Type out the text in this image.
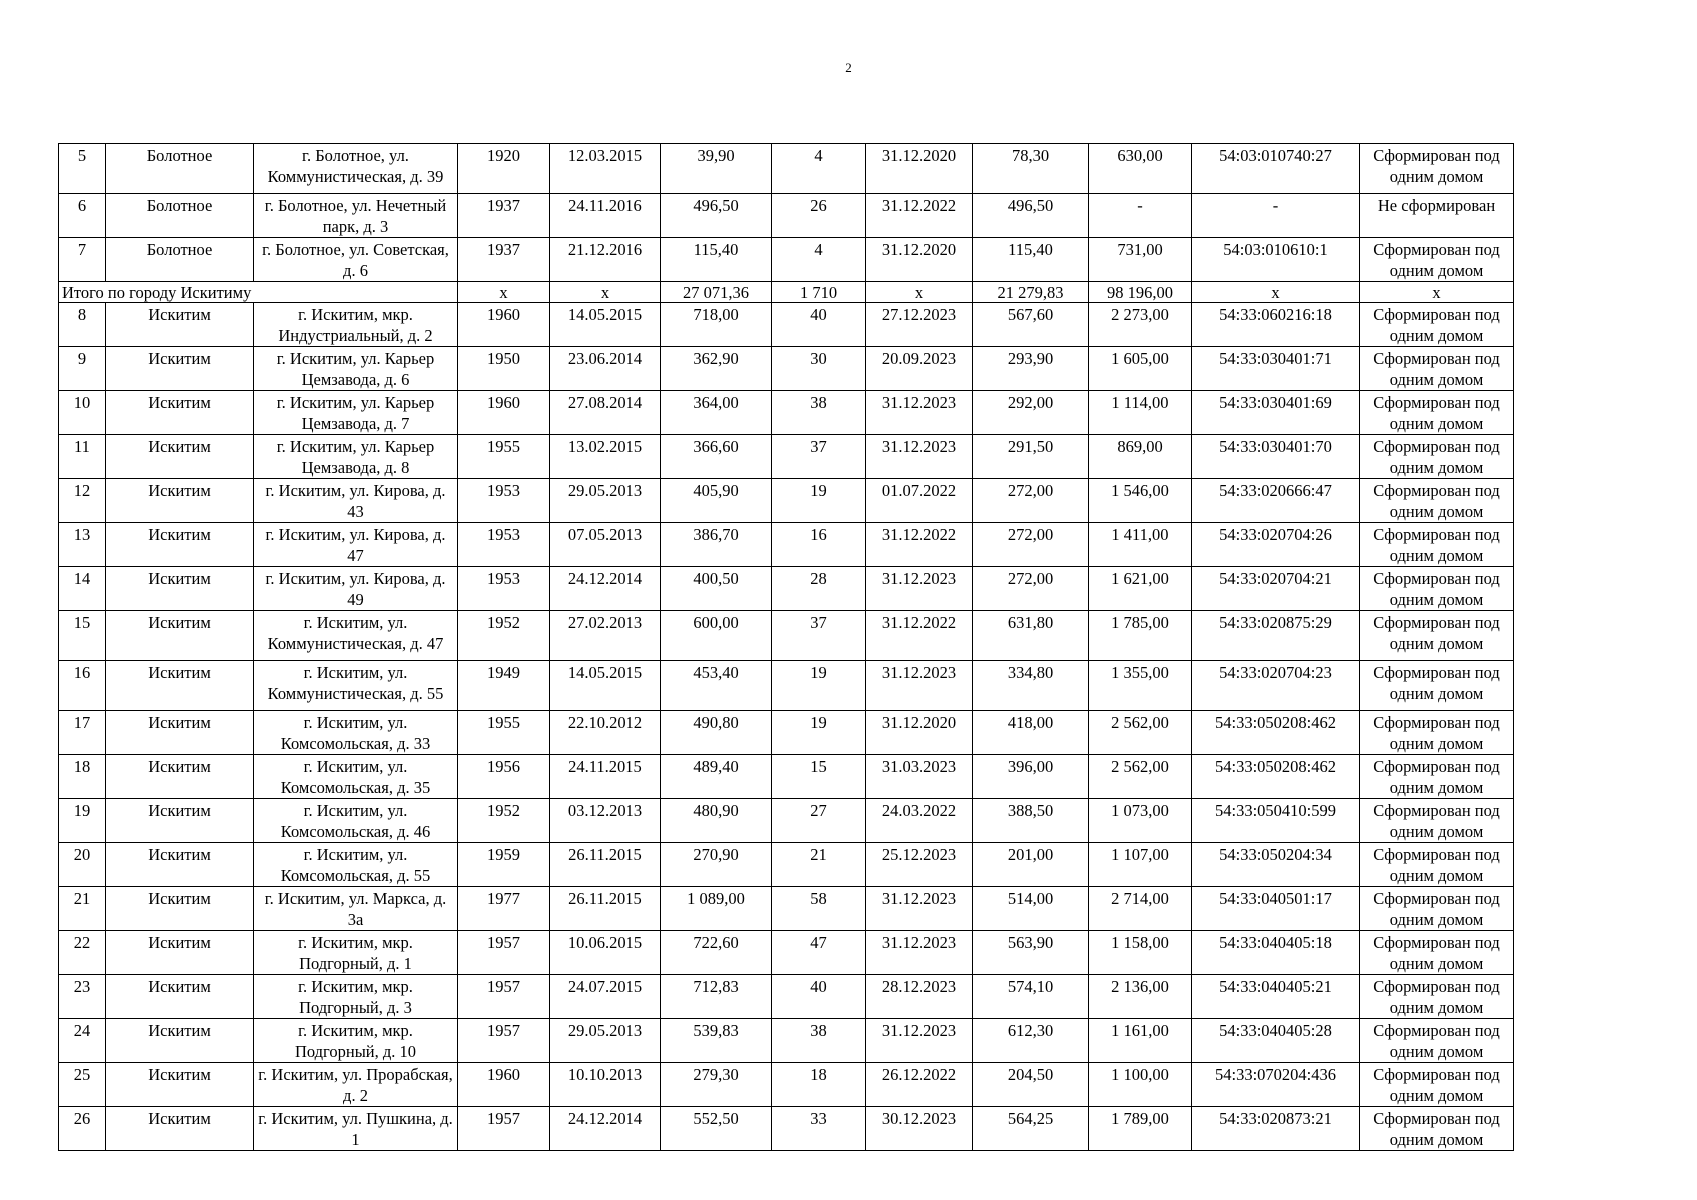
2
5	Болотное	г. Болотное, ул. Коммунистическая, д. 39	1920	12.03.2015	39,90	4	31.12.2020	78,30	630,00	54:03:010740:27	Сформирован под одним домом
6	Болотное	г. Болотное, ул. Нечетный парк, д. 3	1937	24.11.2016	496,50	26	31.12.2022	496,50	-	-	Не сформирован
7	Болотное	г. Болотное, ул. Советская, д. 6	1937	21.12.2016	115,40	4	31.12.2020	115,40	731,00	54:03:010610:1	Сформирован под одним домом
Итого по городу Искитиму			x	x	27 071,36	1 710	x	21 279,83	98 196,00	x	x
8	Искитим	г. Искитим, мкр. Индустриальный, д. 2	1960	14.05.2015	718,00	40	27.12.2023	567,60	2 273,00	54:33:060216:18	Сформирован под одним домом
9	Искитим	г. Искитим, ул. Карьер Цемзавода, д. 6	1950	23.06.2014	362,90	30	20.09.2023	293,90	1 605,00	54:33:030401:71	Сформирован под одним домом
10	Искитим	г. Искитим, ул. Карьер Цемзавода, д. 7	1960	27.08.2014	364,00	38	31.12.2023	292,00	1 114,00	54:33:030401:69	Сформирован под одним домом
11	Искитим	г. Искитим, ул. Карьер Цемзавода, д. 8	1955	13.02.2015	366,60	37	31.12.2023	291,50	869,00	54:33:030401:70	Сформирован под одним домом
12	Искитим	г. Искитим, ул. Кирова, д. 43	1953	29.05.2013	405,90	19	01.07.2022	272,00	1 546,00	54:33:020666:47	Сформирован под одним домом
13	Искитим	г. Искитим, ул. Кирова, д. 47	1953	07.05.2013	386,70	16	31.12.2022	272,00	1 411,00	54:33:020704:26	Сформирован под одним домом
14	Искитим	г. Искитим, ул. Кирова, д. 49	1953	24.12.2014	400,50	28	31.12.2023	272,00	1 621,00	54:33:020704:21	Сформирован под одним домом
15	Искитим	г. Искитим, ул. Коммунистическая, д. 47	1952	27.02.2013	600,00	37	31.12.2022	631,80	1 785,00	54:33:020875:29	Сформирован под одним домом
16	Искитим	г. Искитим, ул. Коммунистическая, д. 55	1949	14.05.2015	453,40	19	31.12.2023	334,80	1 355,00	54:33:020704:23	Сформирован под одним домом
17	Искитим	г. Искитим, ул. Комсомольская, д. 33	1955	22.10.2012	490,80	19	31.12.2020	418,00	2 562,00	54:33:050208:462	Сформирован под одним домом
18	Искитим	г. Искитим, ул. Комсомольская, д. 35	1956	24.11.2015	489,40	15	31.03.2023	396,00	2 562,00	54:33:050208:462	Сформирован под одним домом
19	Искитим	г. Искитим, ул. Комсомольская, д. 46	1952	03.12.2013	480,90	27	24.03.2022	388,50	1 073,00	54:33:050410:599	Сформирован под одним домом
20	Искитим	г. Искитим, ул. Комсомольская, д. 55	1959	26.11.2015	270,90	21	25.12.2023	201,00	1 107,00	54:33:050204:34	Сформирован под одним домом
21	Искитим	г. Искитим, ул. Маркса, д. 3а	1977	26.11.2015	1 089,00	58	31.12.2023	514,00	2 714,00	54:33:040501:17	Сформирован под одним домом
22	Искитим	г. Искитим, мкр. Подгорный, д. 1	1957	10.06.2015	722,60	47	31.12.2023	563,90	1 158,00	54:33:040405:18	Сформирован под одним домом
23	Искитим	г. Искитим, мкр. Подгорный, д. 3	1957	24.07.2015	712,83	40	28.12.2023	574,10	2 136,00	54:33:040405:21	Сформирован под одним домом
24	Искитим	г. Искитим, мкр. Подгорный, д. 10	1957	29.05.2013	539,83	38	31.12.2023	612,30	1 161,00	54:33:040405:28	Сформирован под одним домом
25	Искитим	г. Искитим, ул. Прорабская, д. 2	1960	10.10.2013	279,30	18	26.12.2022	204,50	1 100,00	54:33:070204:436	Сформирован под одним домом
26	Искитим	г. Искитим, ул. Пушкина, д. 1	1957	24.12.2014	552,50	33	30.12.2023	564,25	1 789,00	54:33:020873:21	Сформирован под одним домом
